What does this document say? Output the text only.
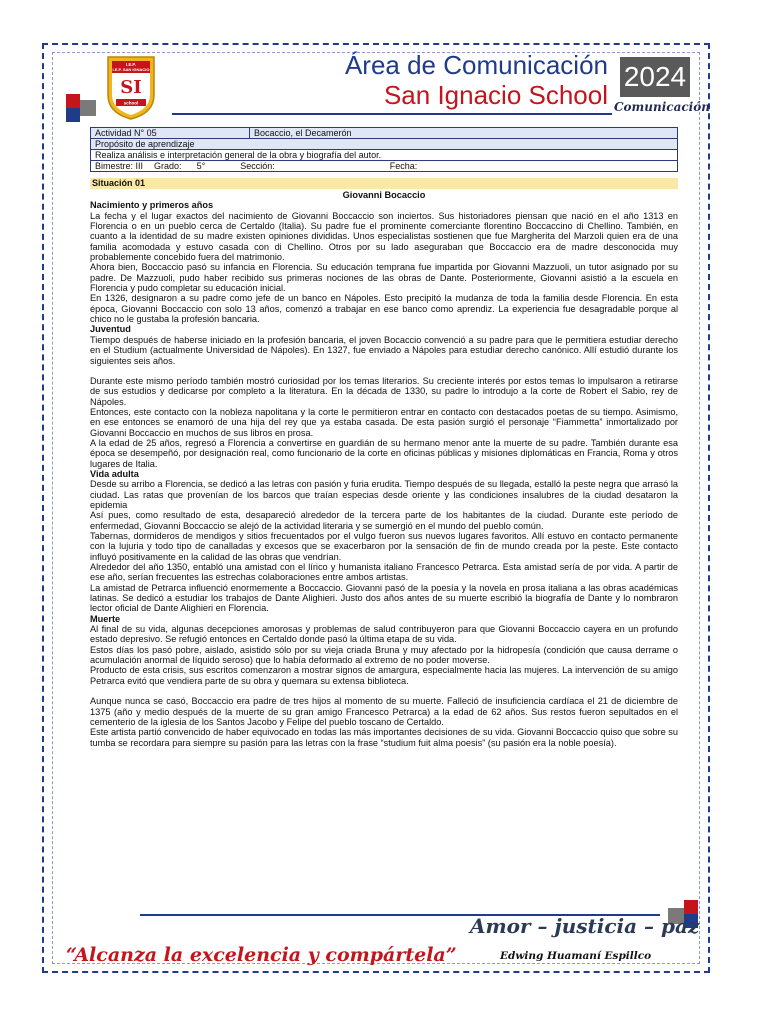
I.E.P.
I.E.P. SAN IGNACIO
SI
school
Área de Comunicación
San Ignacio School
2024
Comunicación
Actividad N° 05	Bocaccio, el Decamerón
Propósito de aprendizaje
Realiza análisis e interpretación general de la obra y biografía del autor.
Bimestre: III Grado: 5°	Sección:	Fecha:
Situación 01

Giovanni Bocaccio

Nacimiento y primeros años

La fecha y el lugar exactos del nacimiento de Giovanni Boccaccio son inciertos. Sus historiadores piensan que nació en el año 1313 en Florencia o en un pueblo cerca de Certaldo (Italia). Su padre fue el prominente comerciante florentino Boccaccino di Chellino. También, en cuanto a la identidad de su madre existen opiniones divididas. Unos especialistas sostienen que fue Margherita del Marzoli quien era de una familia acomodada y estuvo casada con di Chellino. Otros por su lado aseguraban que Boccaccio era de madre desconocida muy probablemente concebido fuera del matrimonio.

Ahora bien, Boccaccio pasó su infancia en Florencia. Su educación temprana fue impartida por Giovanni Mazzuoli, un tutor asignado por su padre. De Mazzuoli, pudo haber recibido sus primeras nociones de las obras de Dante. Posteriormente, Giovanni asistió a la escuela en Florencia y pudo completar su educación inicial.

En 1326, designaron a su padre como jefe de un banco en Nápoles. Esto precipitó la mudanza de toda la familia desde Florencia. En esta época, Giovanni Boccaccio con solo 13 años, comenzó a trabajar en ese banco como aprendiz. La experiencia fue desagradable porque al chico no le gustaba la profesión bancaria.

Juventud

Tiempo después de haberse iniciado en la profesión bancaria, el joven Bocaccio convenció a su padre para que le permitiera estudiar derecho en el Studium (actualmente Universidad de Nápoles). En 1327, fue enviado a Nápoles para estudiar derecho canónico. Allí estudió durante los siguientes seis años.

Durante este mismo período también mostró curiosidad por los temas literarios. Su creciente interés por estos temas lo impulsaron a retirarse de sus estudios y dedicarse por completo a la literatura. En la década de 1330, su padre lo introdujo a la corte de Robert el Sabio, rey de Nápoles.

Entonces, este contacto con la nobleza napolitana y la corte le permitieron entrar en contacto con destacados poetas de su tiempo. Asimismo, en ese entonces se enamoró de una hija del rey que ya estaba casada. De esta pasión surgió el personaje “Fiammetta” inmortalizado por Giovanni Boccaccio en muchos de sus libros en prosa.

A la edad de 25 años, regresó a Florencia a convertirse en guardián de su hermano menor ante la muerte de su padre. También durante esa época se desempeñó, por designación real, como funcionario de la corte en oficinas públicas y misiones diplomáticas en Francia, Roma y otros lugares de Italia.

Vida adulta

Desde su arribo a Florencia, se dedicó a las letras con pasión y furia erudita. Tiempo después de su llegada, estalló la peste negra que arrasó la ciudad. Las ratas que provenían de los barcos que traían especias desde oriente y las condiciones insalubres de la ciudad desataron la epidemia

Así pues, como resultado de esta, desapareció alrededor de la tercera parte de los habitantes de la ciudad. Durante este período de enfermedad, Giovanni Boccaccio se alejó de la actividad literaria y se sumergió en el mundo del pueblo común.

Tabernas, dormideros de mendigos y sitios frecuentados por el vulgo fueron sus nuevos lugares favoritos. Allí estuvo en contacto permanente con la lujuria y todo tipo de canalladas y excesos que se exacerbaron por la sensación de fin de mundo creada por la peste. Este contacto influyó positivamente en la calidad de las obras que vendrían.

Alrededor del año 1350, entabló una amistad con el lírico y humanista italiano Francesco Petrarca. Esta amistad sería de por vida. A partir de ese año, serían frecuentes las estrechas colaboraciones entre ambos artistas.

La amistad de Petrarca influenció enormemente a Boccaccio. Giovanni pasó de la poesía y la novela en prosa italiana a las obras académicas latinas. Se dedicó a estudiar los trabajos de Dante Alighieri. Justo dos años antes de su muerte escribió la biografía de Dante y lo nombraron lector oficial de Dante Alighieri en Florencia.

Muerte

Al final de su vida, algunas decepciones amorosas y problemas de salud contribuyeron para que Giovanni Boccaccio cayera en un profundo estado depresivo. Se refugió entonces en Certaldo donde pasó la última etapa de su vida.

Estos días los pasó pobre, aislado, asistido sólo por su vieja criada Bruna y muy afectado por la hidropesía (condición que causa derrame o acumulación anormal de líquido seroso) que lo había deformado al extremo de no poder moverse.

Producto de esta crisis, sus escritos comenzaron a mostrar signos de amargura, especialmente hacia las mujeres. La intervención de su amigo Petrarca evitó que vendiera parte de su obra y quemara su extensa biblioteca.

Aunque nunca se casó, Boccaccio era padre de tres hijos al momento de su muerte. Falleció de insuficiencia cardíaca el 21 de diciembre de 1375 (año y medio después de la muerte de su gran amigo Francesco Petrarca) a la edad de 62 años. Sus restos fueron sepultados en el cementerio de la iglesia de los Santos Jacobo y Felipe del pueblo toscano de Certaldo.

Este artista partió convencido de haber equivocado en todas las más importantes decisiones de su vida. Giovanni Boccaccio quiso que sobre su tumba se recordara para siempre su pasión para las letras con la frase “studium fuit alma poesis” (su pasión era la noble poesía).

Amor – justicia – paz
“Alcanza la excelencia y compártela”	Edwing Huamaní Espillco
